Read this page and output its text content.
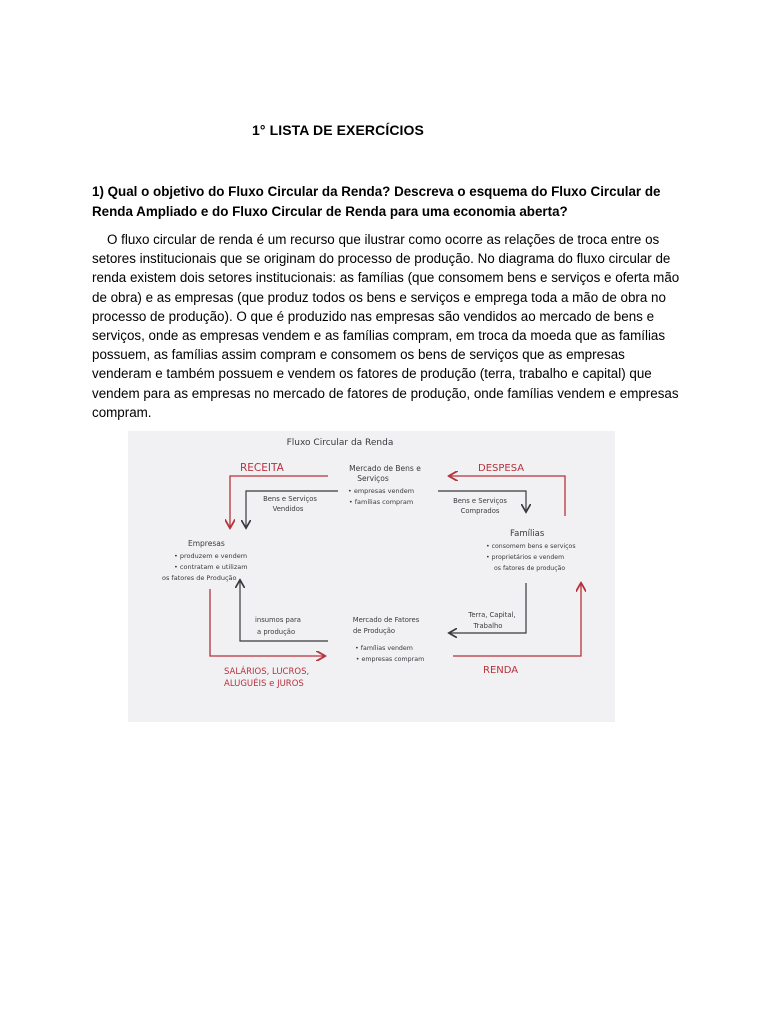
1° LISTA DE EXERCÍCIOS
1) Qual o objetivo do Fluxo Circular da Renda? Descreva o esquema do Fluxo Circular de Renda Ampliado e do Fluxo Circular de Renda para uma economia aberta?

O fluxo circular de renda é um recurso que ilustrar como ocorre as relações de troca entre os setores institucionais que se originam do processo de produção. No diagrama do fluxo circular de renda existem dois setores institucionais: as famílias (que consomem bens e serviços e oferta mão de obra) e as empresas (que produz todos os bens e serviços e emprega toda a mão de obra no processo de produção). O que é produzido nas empresas são vendidos ao mercado de bens e serviços, onde as empresas vendem e as famílias compram, em troca da moeda que as famílias possuem, as famílias assim compram e consomem os bens de serviços que as empresas venderam e também possuem e vendem os fatores de produção (terra, trabalho e capital) que vendem para as empresas no mercado de fatores de produção, onde famílias vendem e empresas compram.

Fluxo Circular da Renda
RECEITA	DESPESA
RENDA
SALÁRIOS, LUCROS,
ALUGUÉIS e JUROS
Mercado de Bens e
Serviços
• empresas vendem
• famílias compram
Bens e Serviços
Vendidos
Bens e Serviços
Comprados
Empresas
• produzem e vendem
• contratam e utilizam
os fatores de Produção
Famílias
• consomem bens e serviços
• proprietários e vendem
os fatores de produção
insumos para
a produção
Terra, Capital,
Trabalho
Mercado de Fatores
de Produção
• famílias vendem
• empresas compram
